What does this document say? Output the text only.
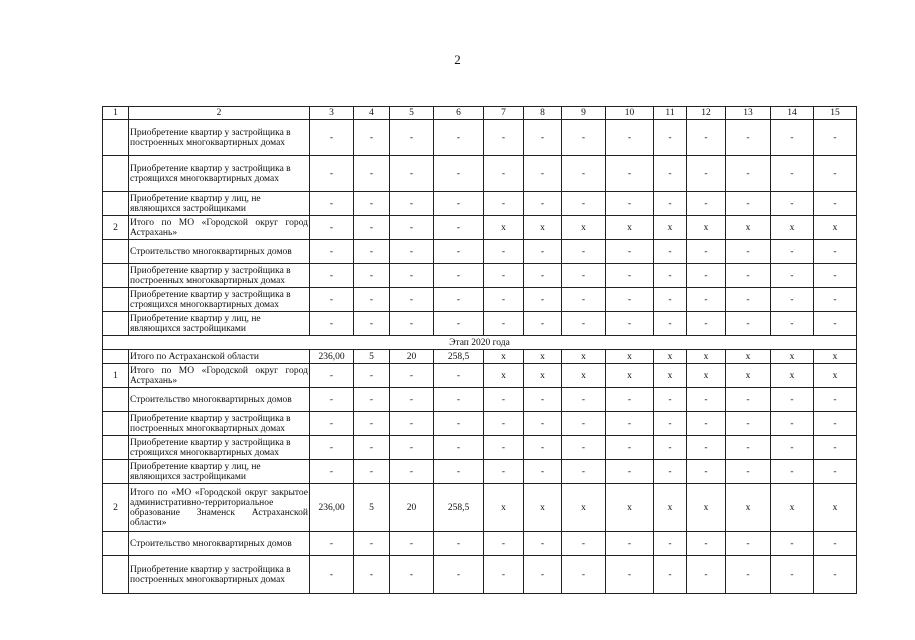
2
1	2	3	4	5	6	7	8	9	10	11	12	13	14	15
	Приобретение квартир у застройщика в построенных многоквартирных домах	-	-	-	-	-	-	-	-	-	-	-	-	-
	Приобретение квартир у застройщика в строящихся многоквартирных домах	-	-	-	-	-	-	-	-	-	-	-	-	-
	Приобретение квартир у лиц, не являющихся застройщиками	-	-	-	-	-	-	-	-	-	-	-	-	-
2	Итого по МО «Городской округ город Астрахань»	-	-	-	-	x	x	x	x	x	x	x	x	x
	Строительство многоквартирных домов	-	-	-	-	-	-	-	-	-	-	-	-	-
	Приобретение квартир у застройщика в построенных многоквартирных домах	-	-	-	-	-	-	-	-	-	-	-	-	-
	Приобретение квартир у застройщика в строящихся многоквартирных домах	-	-	-	-	-	-	-	-	-	-	-	-	-
	Приобретение квартир у лиц, не являющихся застройщиками	-	-	-	-	-	-	-	-	-	-	-	-	-
Этап 2020 года														
	Итого по Астраханской области	236,00	5	20	258,5	x	x	x	x	x	x	x	x	x
1	Итого по МО «Городской округ город Астрахань»	-	-	-	-	x	x	x	x	x	x	x	x	x
	Строительство многоквартирных домов	-	-	-	-	-	-	-	-	-	-	-	-	-
	Приобретение квартир у застройщика в построенных многоквартирных домах	-	-	-	-	-	-	-	-	-	-	-	-	-
	Приобретение квартир у застройщика в строящихся многоквартирных домах	-	-	-	-	-	-	-	-	-	-	-	-	-
	Приобретение квартир у лиц, не являющихся застройщиками	-	-	-	-	-	-	-	-	-	-	-	-	-
2	Итого по «МО «Городской округ закрытое административно-территориальное образование Знаменск Астраханской области»	236,00	5	20	258,5	x	x	x	x	x	x	x	x	x
	Строительство многоквартирных домов	-	-	-	-	-	-	-	-	-	-	-	-	-
	Приобретение квартир у застройщика в построенных многоквартирных домах	-	-	-	-	-	-	-	-	-	-	-	-	-
